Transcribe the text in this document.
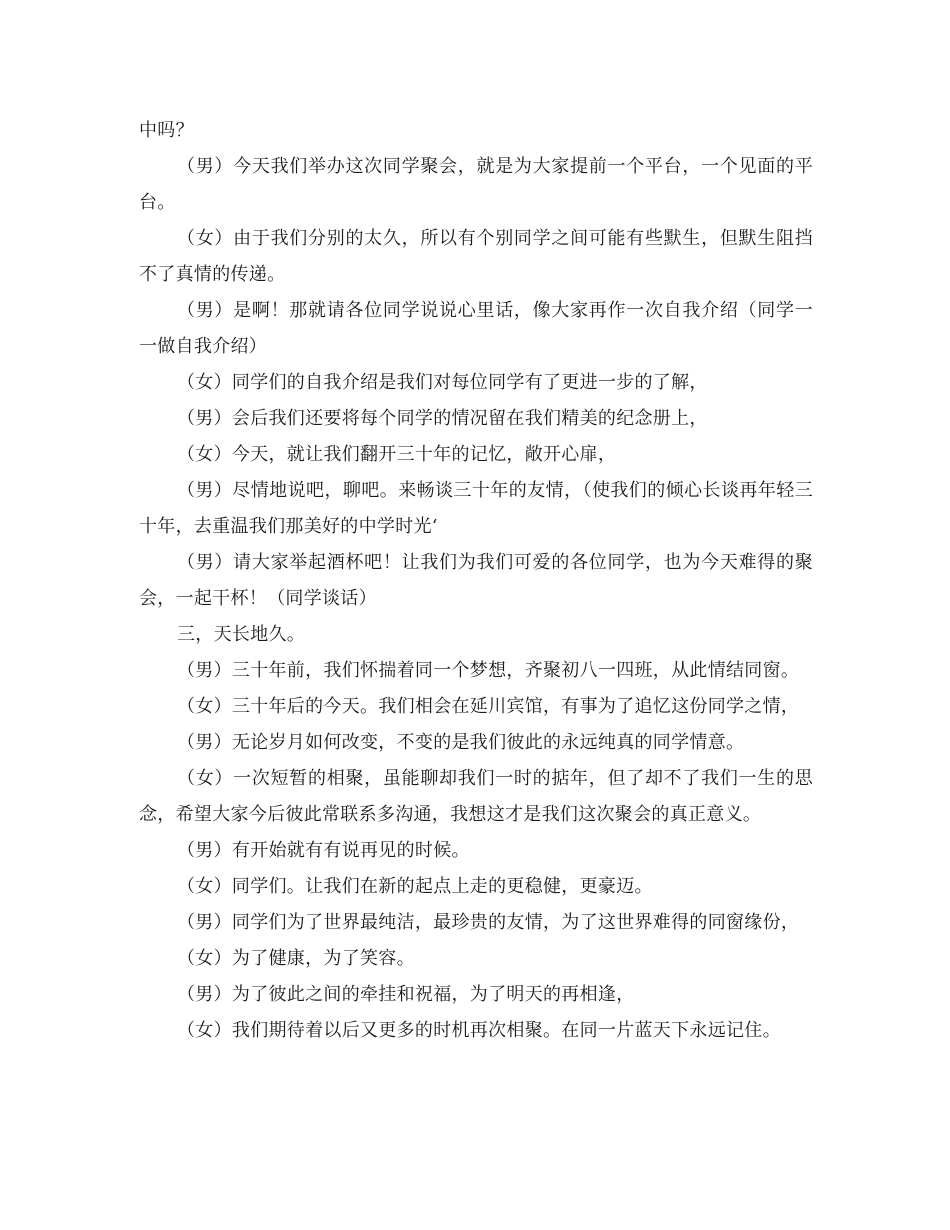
中吗？

（男）今天我们举办这次同学聚会，就是为大家提前一个平台，一个见面的平台。

（女）由于我们分别的太久，所以有个别同学之间可能有些默生，但默生阻挡不了真情的传递。

（男）是啊！那就请各位同学说说心里话，像大家再作一次自我介绍（同学一一做自我介绍）

（女）同学们的自我介绍是我们对每位同学有了更进一步的了解，

（男）会后我们还要将每个同学的情况留在我们精美的纪念册上，

（女）今天，就让我们翻开三十年的记忆，敞开心扉，

（男）尽情地说吧，聊吧。来畅谈三十年的友情，（使我们的倾心长谈再年轻三十年，去重温我们那美好的中学时光‘

（男）请大家举起酒杯吧！让我们为我们可爱的各位同学，也为今天难得的聚会，一起干杯！（同学谈话）

三，天长地久。

（男）三十年前，我们怀揣着同一个梦想，齐聚初八一四班，从此情结同窗。

（女）三十年后的今天。我们相会在延川宾馆，有事为了追忆这份同学之情，

（男）无论岁月如何改变，不变的是我们彼此的永远纯真的同学情意。

（女）一次短暂的相聚，虽能聊却我们一时的掂年，但了却不了我们一生的思念，希望大家今后彼此常联系多沟通，我想这才是我们这次聚会的真正意义。

（男）有开始就有有说再见的时候。

（女）同学们。让我们在新的起点上走的更稳健，更豪迈。

（男）同学们为了世界最纯洁，最珍贵的友情，为了这世界难得的同窗缘份，

（女）为了健康，为了笑容。

（男）为了彼此之间的牵挂和祝福，为了明天的再相逢，

（女）我们期待着以后又更多的时机再次相聚。在同一片蓝天下永远记住。
